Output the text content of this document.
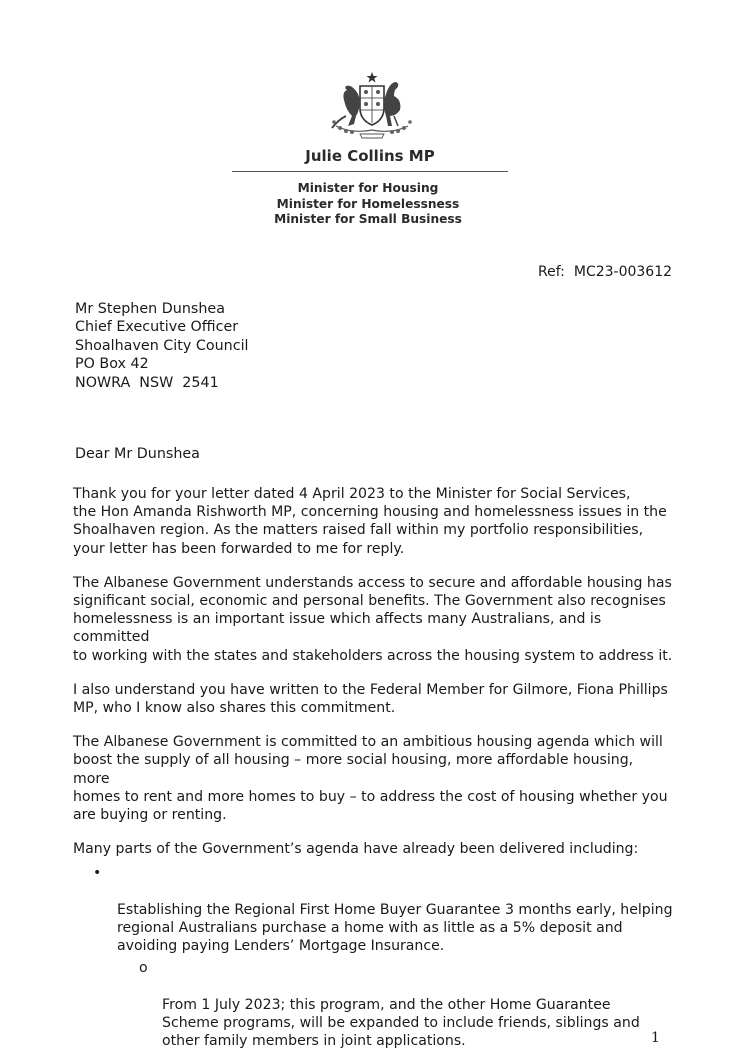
Julie Collins MP
Minister for Housing
Minister for Homelessness
Minister for Small Business
Ref: MC23-003612
Mr Stephen Dunshea
Chief Executive Officer
Shoalhaven City Council
PO Box 42
NOWRA  NSW  2541
Dear Mr Dunshea

Thank you for your letter dated 4 April 2023 to the Minister for Social Services,
the Hon Amanda Rishworth MP, concerning housing and homelessness issues in the
Shoalhaven region. As the matters raised fall within my portfolio responsibilities,
your letter has been forwarded to me for reply.

The Albanese Government understands access to secure and affordable housing has
significant social, economic and personal benefits. The Government also recognises
homelessness is an important issue which affects many Australians, and is committed
to working with the states and stakeholders across the housing system to address it.

I also understand you have written to the Federal Member for Gilmore, Fiona Phillips
MP, who I know also shares this commitment.

The Albanese Government is committed to an ambitious housing agenda which will
boost the supply of all housing – more social housing, more affordable housing, more
homes to rent and more homes to buy – to address the cost of housing whether you
are buying or renting.

Many parts of the Government’s agenda have already been delivered including:

•

Establishing the Regional First Home Buyer Guarantee 3 months early, helping
regional Australians purchase a home with as little as a 5% deposit and
avoiding paying Lenders’ Mortgage Insurance.

o

From 1 July 2023; this program, and the other Home Guarantee
Scheme programs, will be expanded to include friends, siblings and
other family members in joint applications.	1
